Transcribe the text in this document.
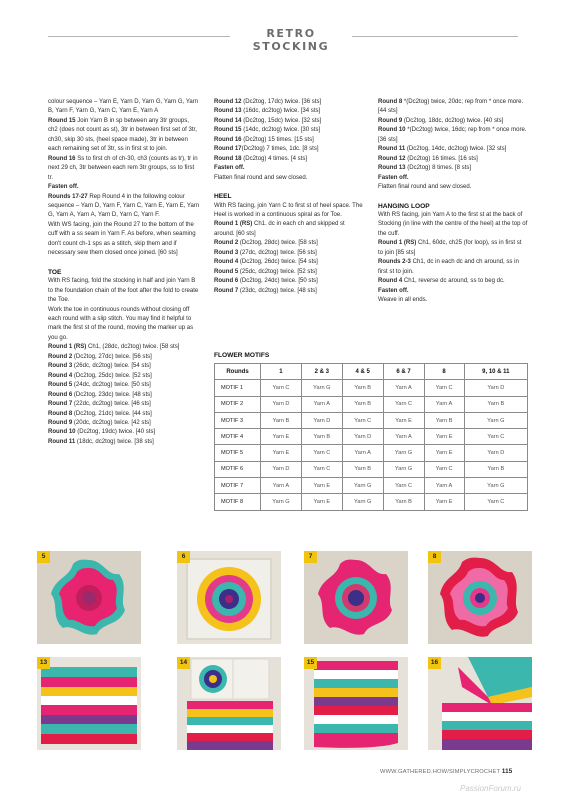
RETRO STOCKING

colour sequence – Yarn E, Yarn D, Yarn G, Yarn G, Yarn B, Yarn F, Yarn G, Yarn C, Yarn E, Yarn A

Round 15 Join Yarn B in sp between any 3tr groups, ch2 (does not count as st), 3tr in between first set of 3tr, ch30, skip 30 sts, (heel space made), 3tr in between each remaining set of 3tr, ss in first st to join.

Round 16 Ss to first ch of ch-30, ch3 (counts as tr), tr in next 29 ch, 3tr between each rem 3tr groups, ss to first tr.

Fasten off.

Rounds 17-27 Rep Round 4 in the following colour sequence – Yarn D, Yarn F, Yarn C, Yarn E, Yarn E, Yarn G, Yarn A, Yarn A, Yarn D, Yarn C, Yarn F.

With WS facing, join the Round 27 to the bottom of the cuff with a ss seam in Yarn F. As before, when seaming don't count ch-1 sps as a stitch, skip them and if necessary sew them closed once joined. [60 sts]

TOE

With RS facing, fold the stocking in half and join Yarn B to the foundation chain of the foot after the fold to create the Toe.

Work the toe in continuous rounds without closing off each round with a slip stitch. You may find it helpful to mark the first st of the round, moving the marker up as you go.

Round 1 (RS) Ch1, (28dc, dc2tog) twice. [58 sts]

Round 2 (Dc2tog, 27dc) twice. [56 sts]

Round 3 (26dc, dc2tog) twice. [54 sts]

Round 4 (Dc2tog, 25dc) twice. [52 sts]

Round 5 (24dc, dc2tog) twice. [50 sts]

Round 6 (Dc2tog, 23dc) twice. [48 sts]

Round 7 (22dc, dc2tog) twice. [46 sts]

Round 8 (Dc2tog, 21dc) twice. [44 sts]

Round 9 (20dc, dc2tog) twice. [42 sts]

Round 10 (Dc2tog, 19dc) twice. [40 sts]

Round 11 (18dc, dc2tog) twice. [38 sts]

Round 12 (Dc2tog, 17dc) twice. [36 sts]

Round 13 (16dc, dc2tog) twice. [34 sts]

Round 14 (Dc2tog, 15dc) twice. [32 sts]

Round 15 (14dc, dc2tog) twice. [30 sts]

Round 16 (Dc2tog) 15 times. [15 sts]

Round 17(Dc2tog) 7 times, 1dc. [8 sts]

Round 18 (Dc2tog) 4 times. [4 sts]

Fasten off.

Flatten final round and sew closed.

HEEL

With RS facing, join Yarn C to first st of heel space. The Heel is worked in a continuous spiral as for Toe.

Round 1 (RS) Ch1. dc in each ch and skipped st around. [60 sts]

Round 2 (Dc2tog, 28dc) twice. [58 sts]

Round 3 (27dc, dc2tog) twice. [56 sts]

Round 4 (Dc2tog, 26dc) twice. [54 sts]

Round 5 (25dc, dc2tog) twice. [52 sts]

Round 6 (Dc2tog, 24dc) twice. [50 sts]

Round 7 (23dc, dc2tog) twice. [48 sts]

Round 8 *(Dc2tog) twice, 20dc; rep from * once more. [44 sts]

Round 9 (Dc2tog, 18dc, dc2tog) twice. [40 sts]

Round 10 *(Dc2tog) twice, 16dc; rep from * once more. [36 sts]

Round 11 (Dc2tog, 14dc, dc2tog) twice. [32 sts]

Round 12 (Dc2tog) 16 times. [16 sts]

Round 13 (Dc2tog) 8 times. [8 sts]

Fasten off.

Flatten final round and sew closed.

HANGING LOOP

With RS facing, join Yarn A to the first st at the back of Stocking (in line with the centre of the heel) at the top of the cuff.

Round 1 (RS) Ch1, 60dc, ch25 (for loop), ss in first st to join [85 sts]

Rounds 2-3 Ch1, dc in each dc and ch around, ss in first st to join.

Round 4 Ch1, reverse dc around, ss to beg dc.

Fasten off.

Weave in all ends.

FLOWER MOTIFS
Rounds	1	2 & 3	4 & 5	6 & 7	8	9, 10 & 11
MOTIF 1	Yarn C	Yarn G	Yarn B	Yarn A	Yarn C	Yarn D
MOTIF 2	Yarn D	Yarn A	Yarn B	Yarn C	Yarn A	Yarn B
MOTIF 3	Yarn B	Yarn D	Yarn C	Yarn E	Yarn B	Yarn G
MOTIF 4	Yarn E	Yarn B	Yarn D	Yarn A	Yarn E	Yarn C
MOTIF 5	Yarn E	Yarn C	Yarn A	Yarn G	Yarn E	Yarn D
MOTIF 6	Yarn D	Yarn C	Yarn B	Yarn G	Yarn C	Yarn B
MOTIF 7	Yarn A	Yarn E	Yarn G	Yarn C	Yarn A	Yarn G
MOTIF 8	Yarn G	Yarn E	Yarn G	Yarn B	Yarn E	Yarn C
5	6	7	8
13	14	15	16
WWW.GATHERED.HOW/SIMPLYCROCHET 115
PassionForum.ru
